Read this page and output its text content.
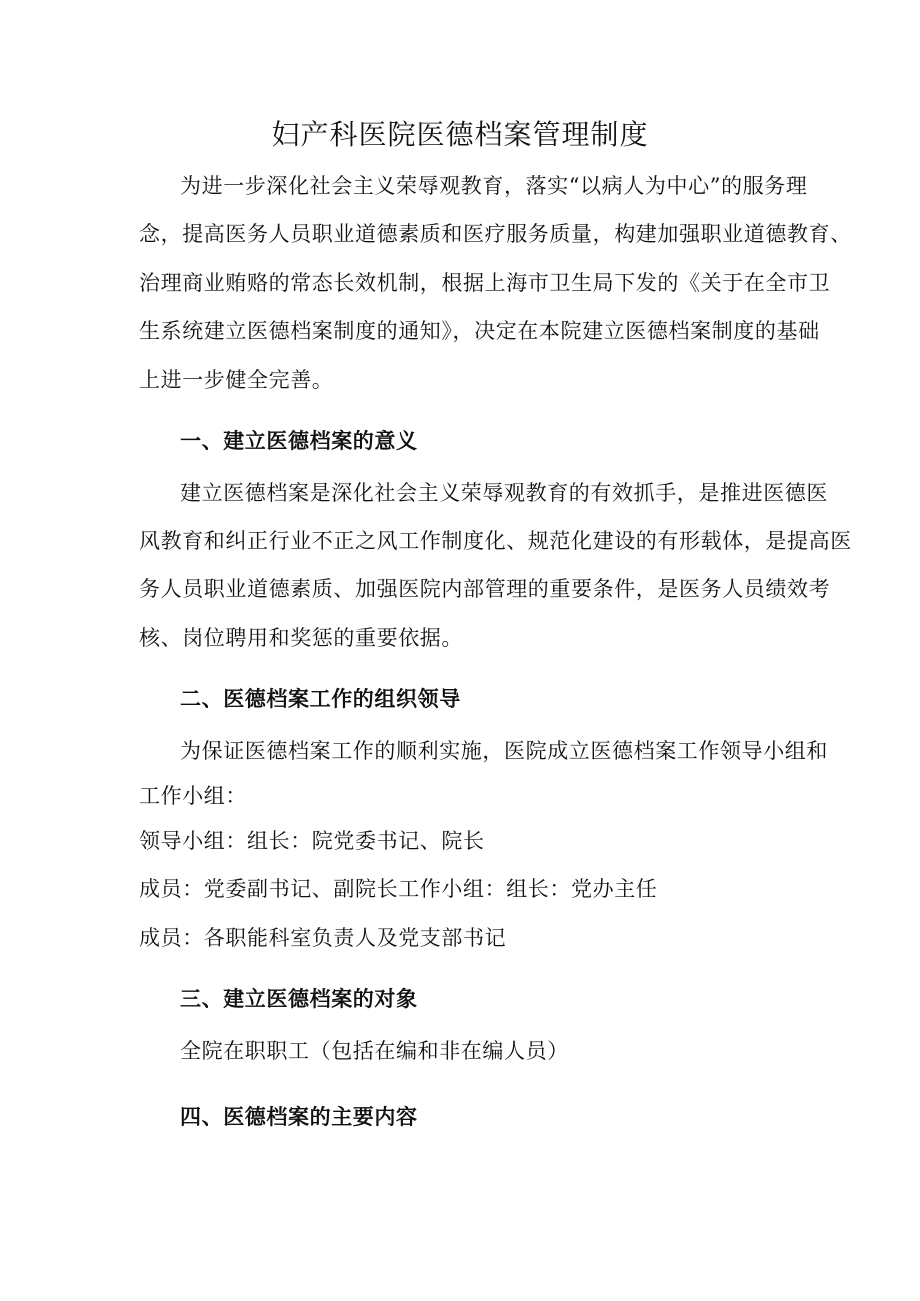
妇产科医院医德档案管理制度
为进一步深化社会主义荣辱观教育，落实“以病人为中心”的服务理
念，提高医务人员职业道德素质和医疗服务质量，构建加强职业道德教育、
治理商业贿赂的常态长效机制，根据上海市卫生局下发的《关于在全市卫
生系统建立医德档案制度的通知》，决定在本院建立医德档案制度的基础
上进一步健全完善。
一、建立医德档案的意义
建立医德档案是深化社会主义荣辱观教育的有效抓手，是推进医德医
风教育和纠正行业不正之风工作制度化、规范化建设的有形载体，是提高医
务人员职业道德素质、加强医院内部管理的重要条件，是医务人员绩效考
核、岗位聘用和奖惩的重要依据。
二、医德档案工作的组织领导
为保证医德档案工作的顺利实施，医院成立医德档案工作领导小组和
工作小组：
领导小组：组长：院党委书记、院长
成员：党委副书记、副院长工作小组：组长：党办主任
成员：各职能科室负责人及党支部书记
三、建立医德档案的对象
全院在职职工（包括在编和非在编人员）
四、医德档案的主要内容
